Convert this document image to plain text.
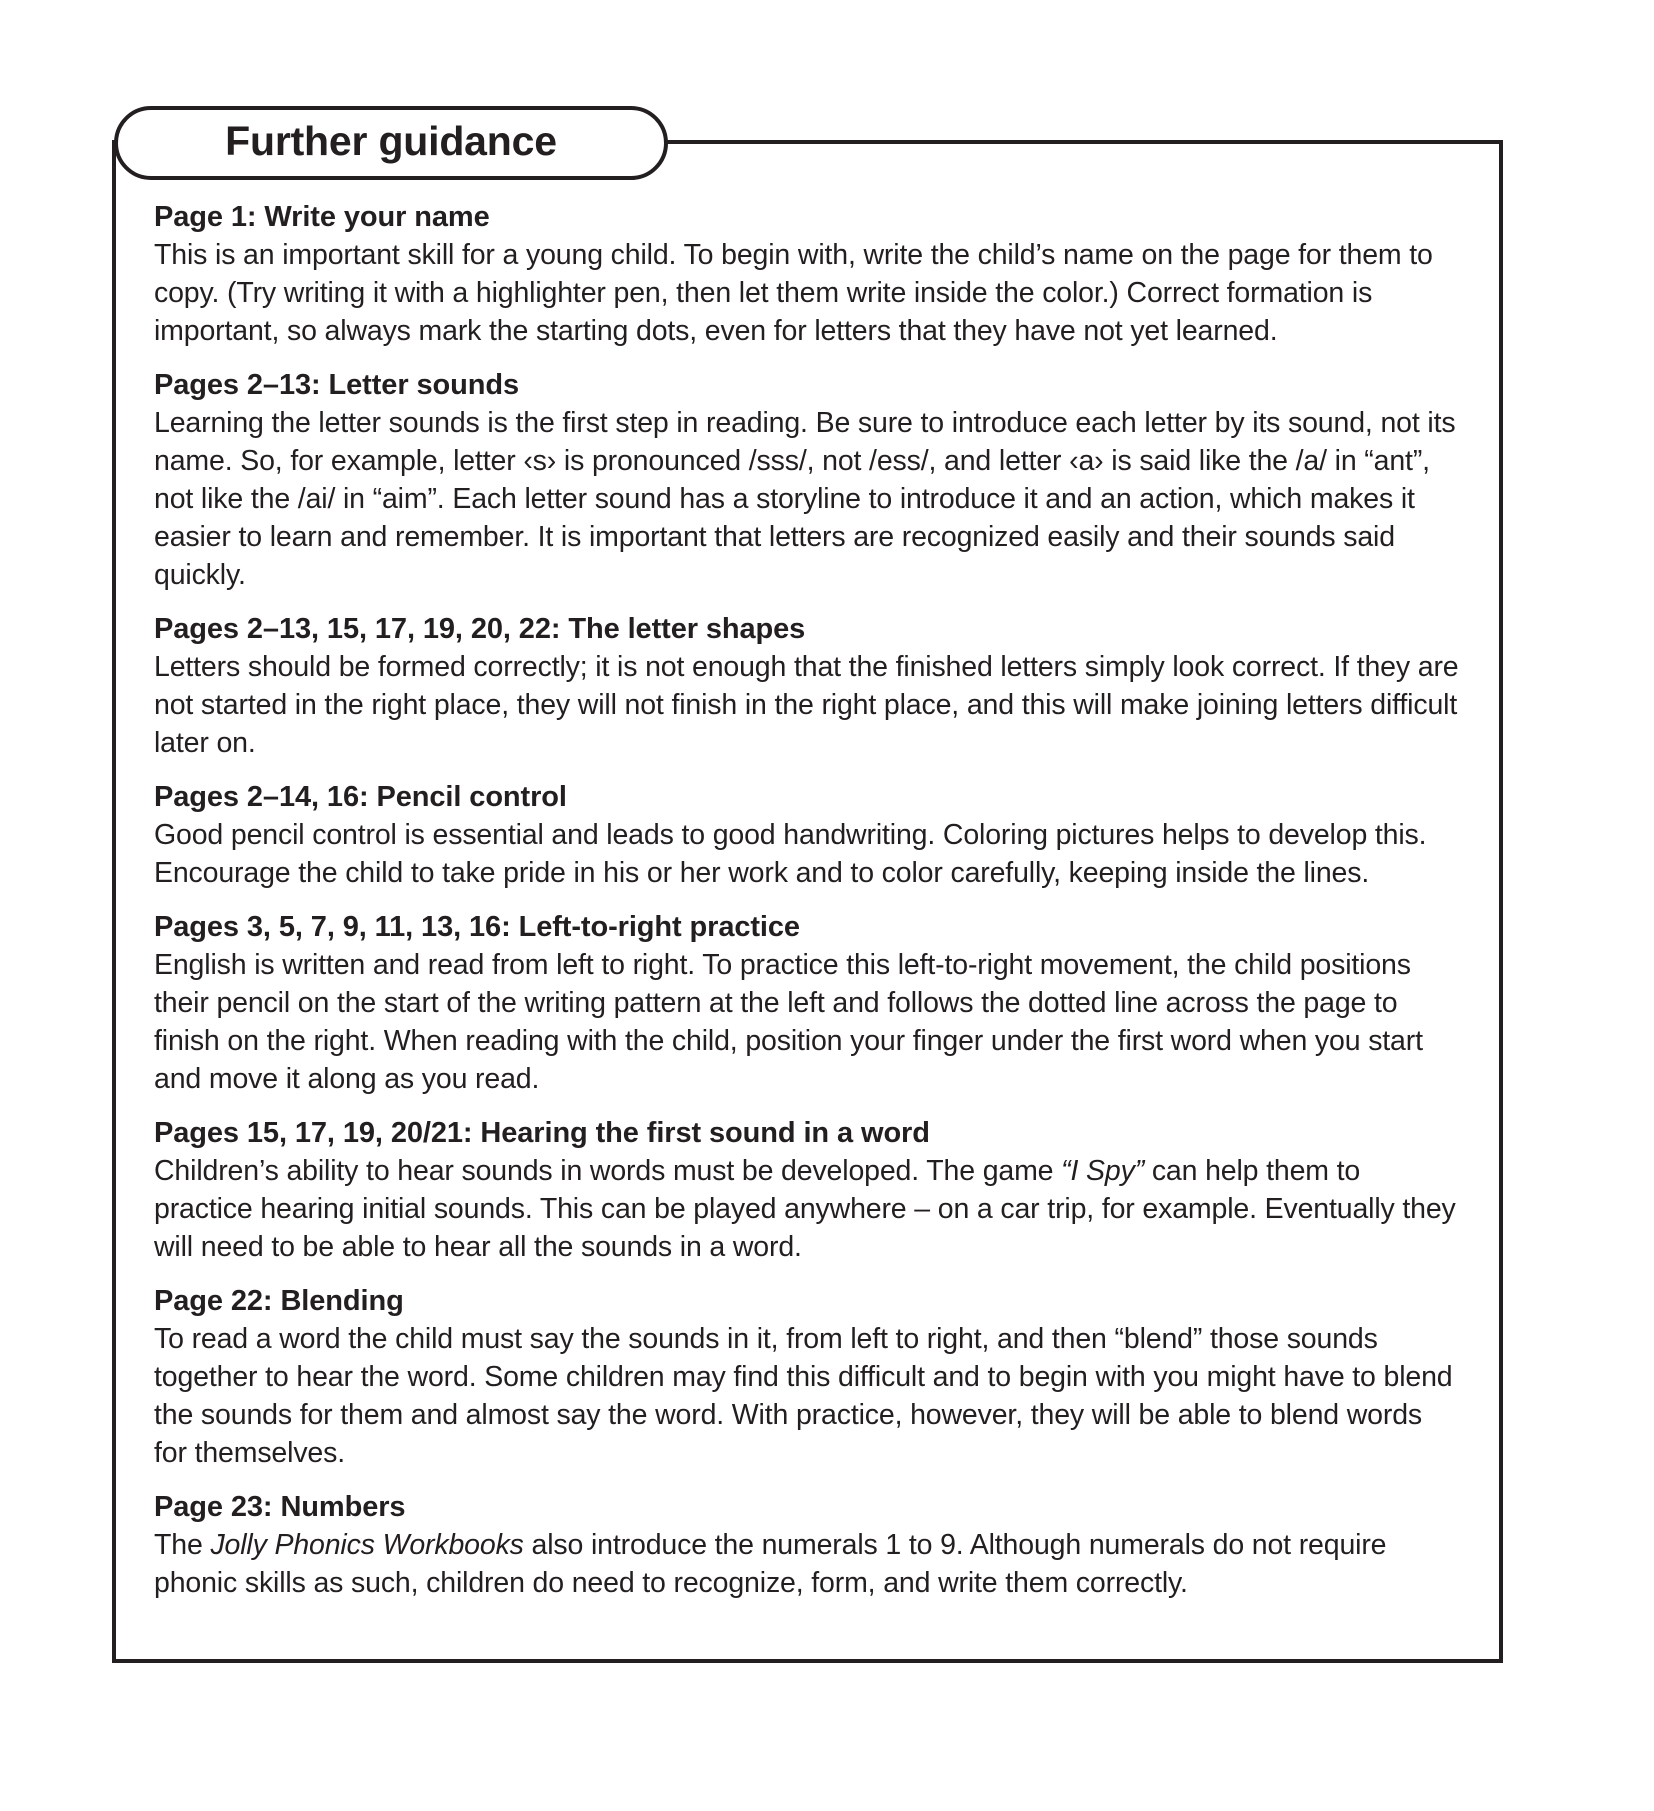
Further guidance
Page 1: Write your name

This is an important skill for a young child. To begin with, write the child’s name on the page for them to copy. (Try writing it with a highlighter pen, then let them write inside the color.) Correct formation is important, so always mark the starting dots, even for letters that they have not yet learned.

Pages 2–13: Letter sounds

Learning the letter sounds is the first step in reading. Be sure to introduce each letter by its sound, not its name. So, for example, letter ‹s› is pronounced /sss/, not /ess/, and letter ‹a› is said like the /a/ in “ant”, not like the /ai/ in “aim”. Each letter sound has a storyline to introduce it and an action, which makes it easier to learn and remember. It is important that letters are recognized easily and their sounds said quickly.

Pages 2–13, 15, 17, 19, 20, 22: The letter shapes

Letters should be formed correctly; it is not enough that the finished letters simply look correct. If they are not started in the right place, they will not finish in the right place, and this will make joining letters difficult later on.

Pages 2–14, 16: Pencil control

Good pencil control is essential and leads to good handwriting. Coloring pictures helps to develop this. Encourage the child to take pride in his or her work and to color carefully, keeping inside the lines.

Pages 3, 5, 7, 9, 11, 13, 16: Left-to-right practice

English is written and read from left to right. To practice this left-to-right movement, the child positions their pencil on the start of the writing pattern at the left and follows the dotted line across the page to finish on the right. When reading with the child, position your finger under the first word when you start and move it along as you read.

Pages 15, 17, 19, 20/21: Hearing the first sound in a word

Children’s ability to hear sounds in words must be developed. The game “I Spy” can help them to practice hearing initial sounds. This can be played anywhere – on a car trip, for example. Eventually they will need to be able to hear all the sounds in a word.

Page 22: Blending

To read a word the child must say the sounds in it, from left to right, and then “blend” those sounds together to hear the word. Some children may find this difficult and to begin with you might have to blend the sounds for them and almost say the word. With practice, however, they will be able to blend words for themselves.

Page 23: Numbers

The Jolly Phonics Workbooks also introduce the numerals 1 to 9. Although numerals do not require phonic skills as such, children do need to recognize, form, and write them correctly.
